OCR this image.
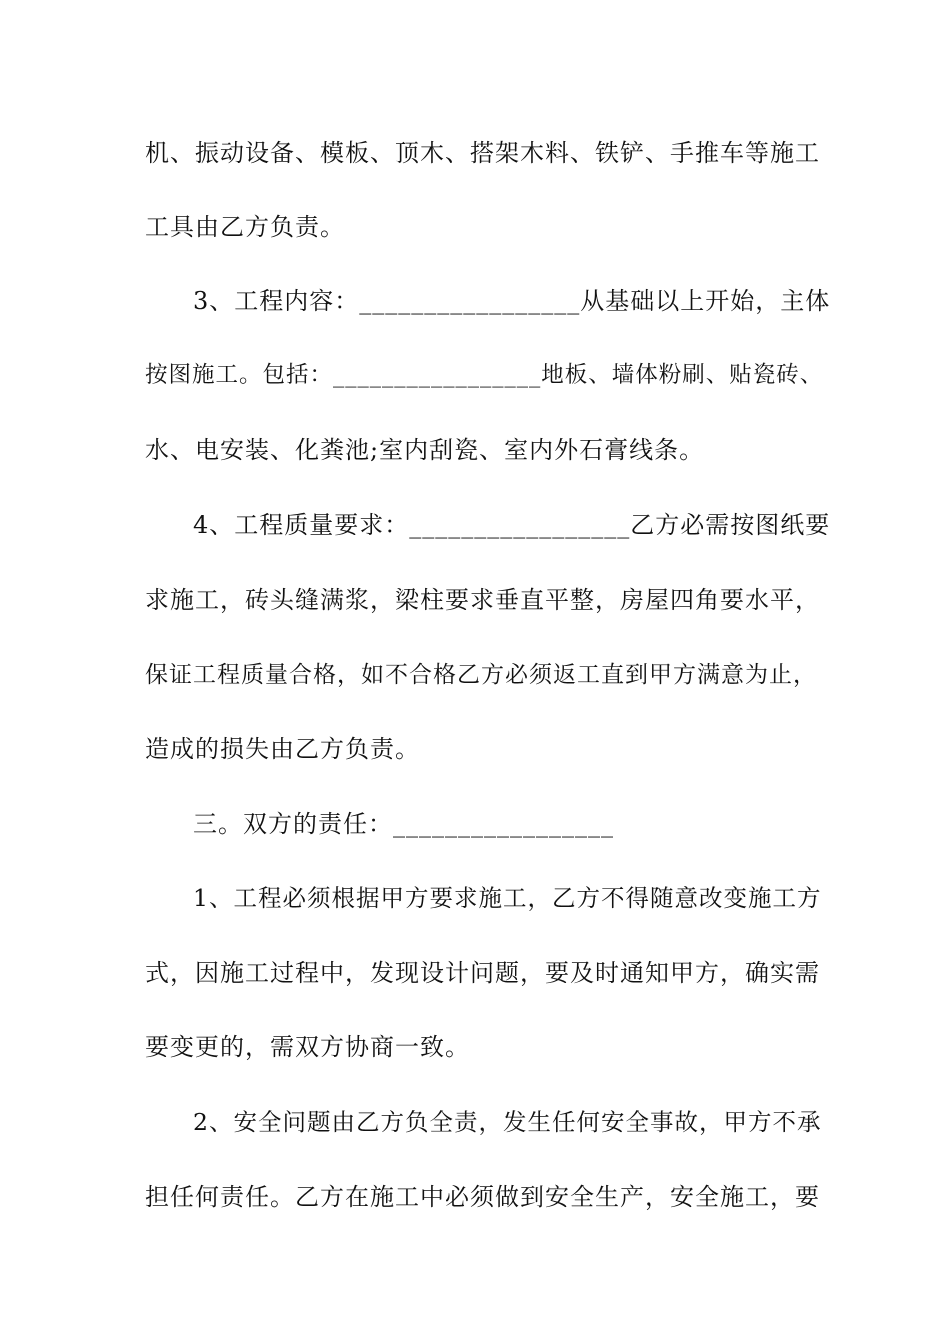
机、振动设备、模板、顶木、搭架木料、铁铲、手推车等施工
工具由乙方负责。
3、工程内容：_________________从基础以上开始，主体
按图施工。包括：_________________地板、墙体粉刷、贴瓷砖、
水、电安装、化粪池;室内刮瓷、室内外石膏线条。
4、工程质量要求：_________________乙方必需按图纸要
求施工，砖头缝满浆，梁柱要求垂直平整，房屋四角要水平，
保证工程质量合格，如不合格乙方必须返工直到甲方满意为止，
造成的损失由乙方负责。
三。双方的责任：_________________
1、工程必须根据甲方要求施工，乙方不得随意改变施工方
式，因施工过程中，发现设计问题，要及时通知甲方，确实需
要变更的，需双方协商一致。
2、安全问题由乙方负全责，发生任何安全事故，甲方不承
担任何责任。乙方在施工中必须做到安全生产，安全施工，要
